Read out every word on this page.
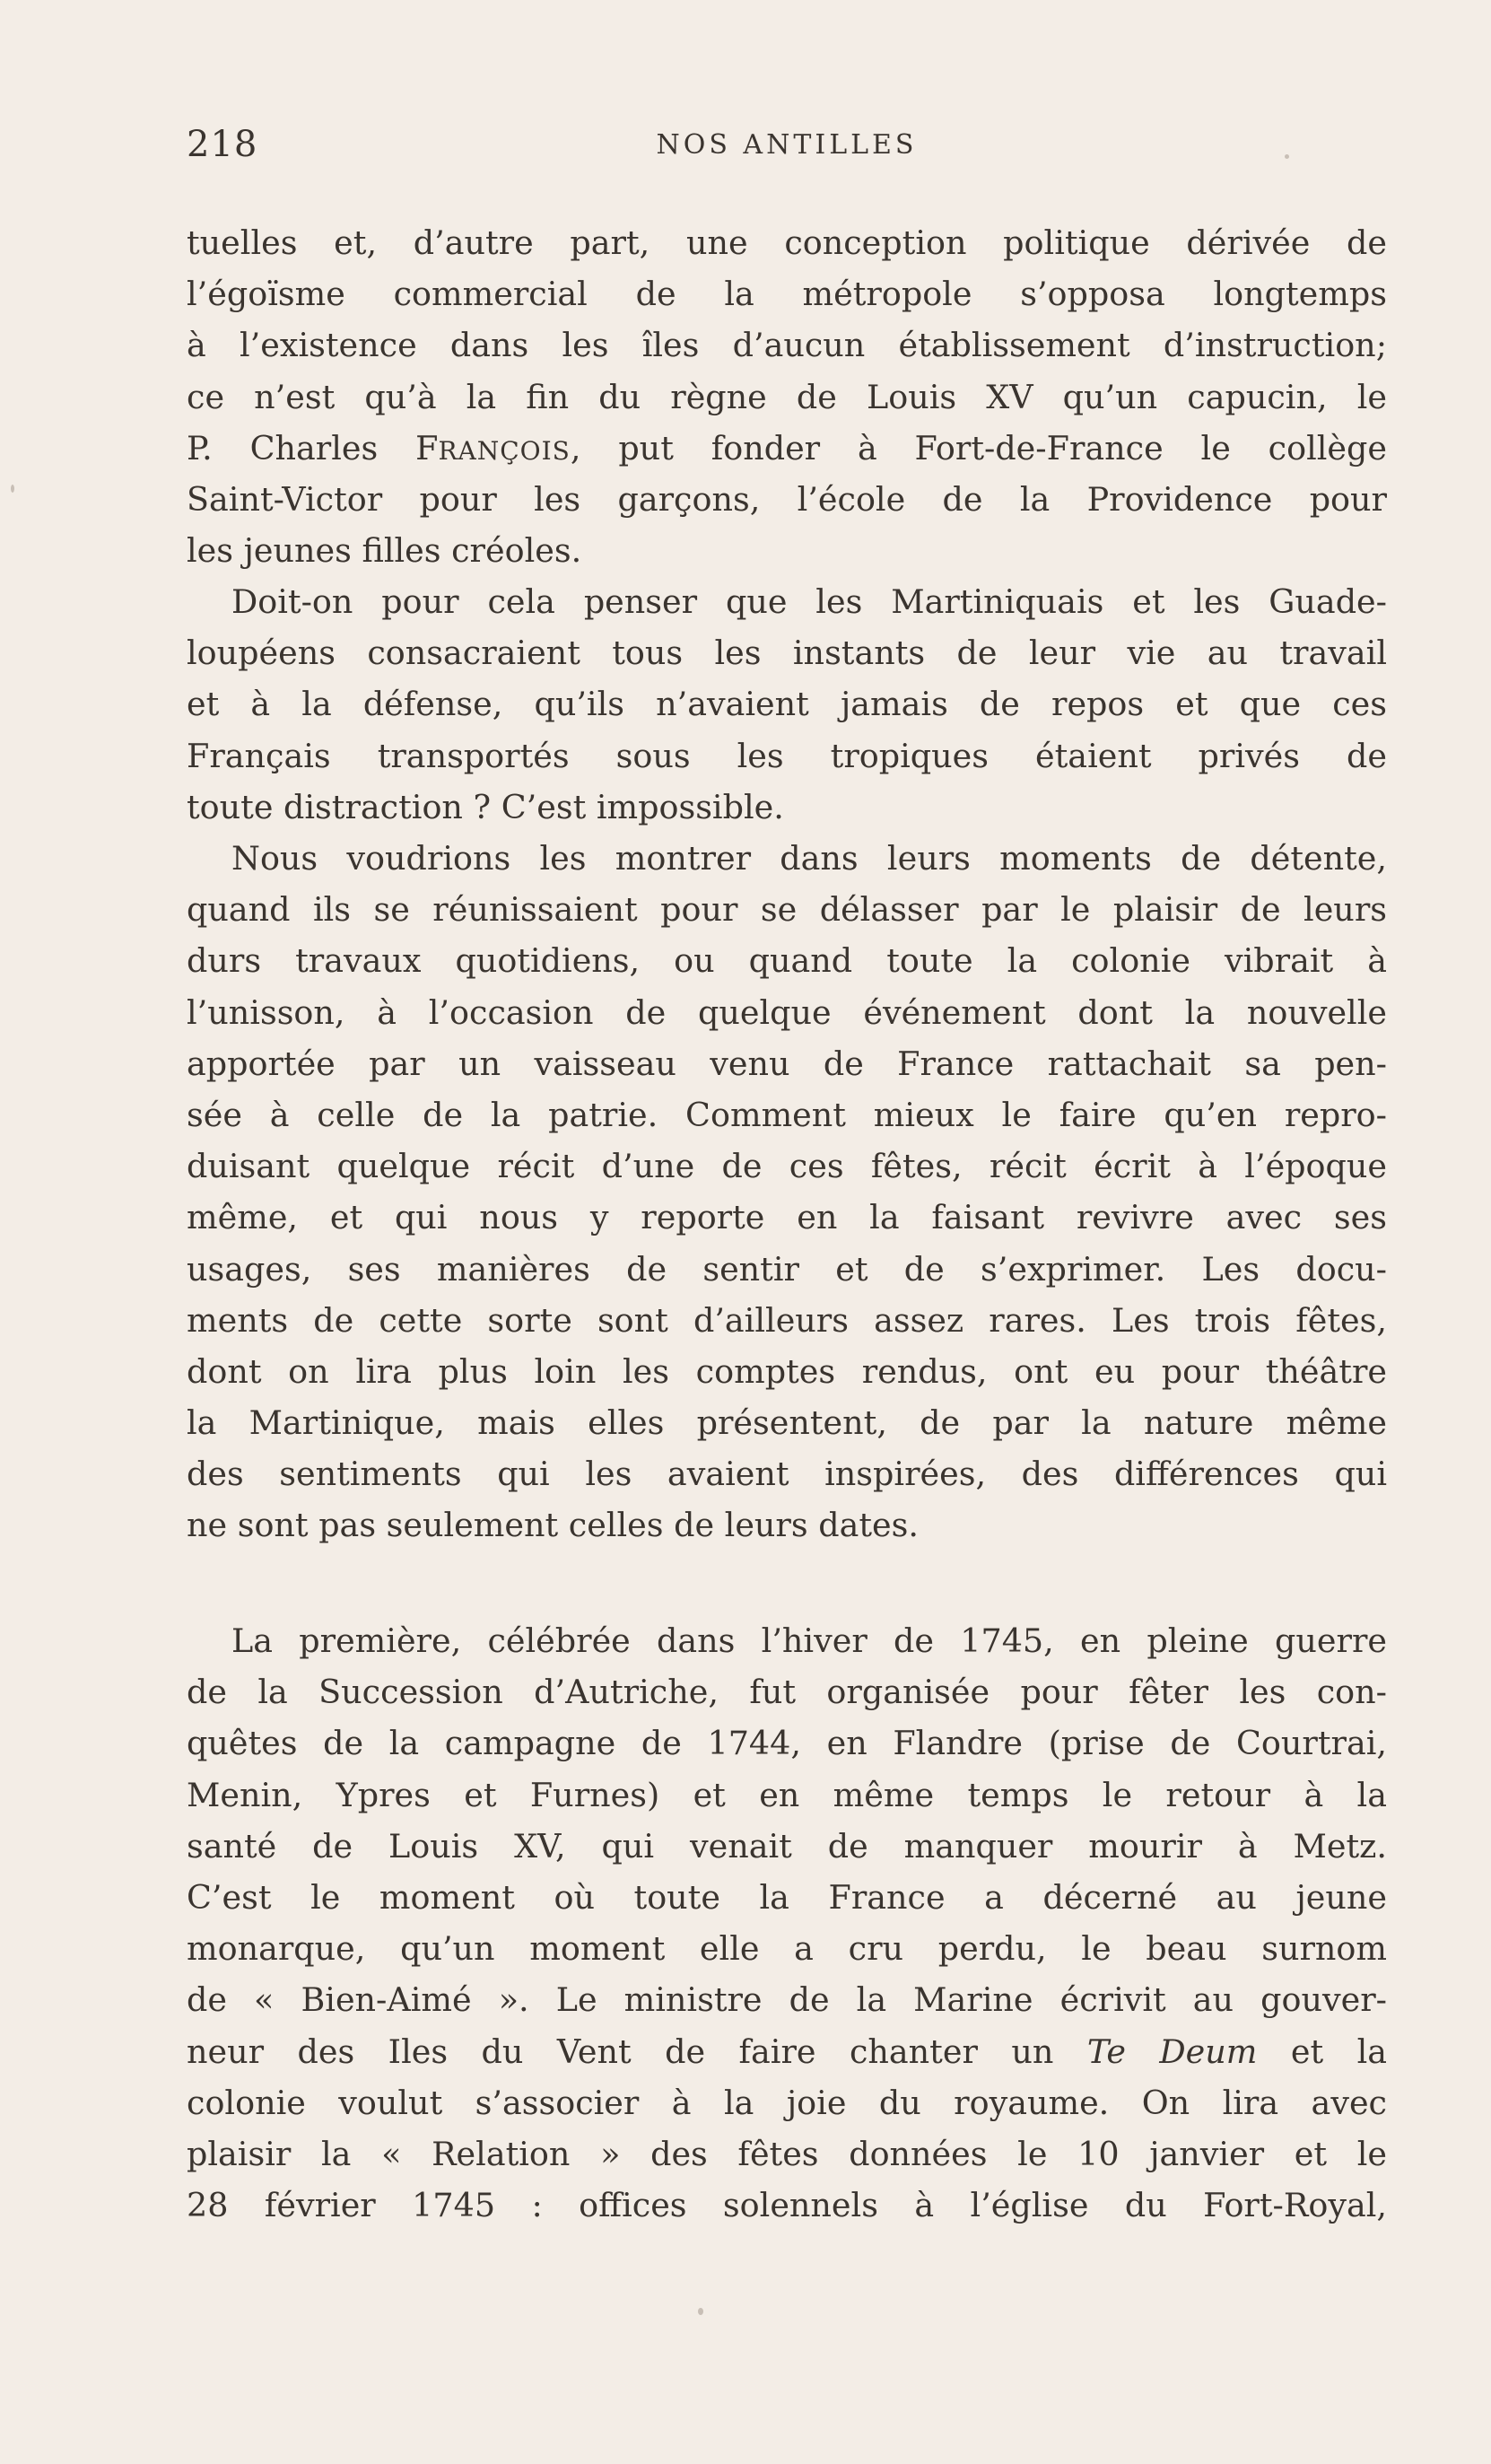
218	NOS ANTILLES
tuelles et, d’autre part, une conception politique dérivée de
l’égoïsme commercial de la métropole s’opposa longtemps
à l’existence dans les îles d’aucun établissement d’instruction;
ce n’est qu’à la fin du règne de Louis XV qu’un capucin, le
P. Charles FRANÇOIS, put fonder à Fort-de-France le collège
Saint-Victor pour les garçons, l’école de la Providence pour
les jeunes filles créoles.
Doit-on pour cela penser que les Martiniquais et les Guade-
loupéens consacraient tous les instants de leur vie au travail
et à la défense, qu’ils n’avaient jamais de repos et que ces
Français transportés sous les tropiques étaient privés de
toute distraction ? C’est impossible.
Nous voudrions les montrer dans leurs moments de détente,
quand ils se réunissaient pour se délasser par le plaisir de leurs
durs travaux quotidiens, ou quand toute la colonie vibrait à
l’unisson, à l’occasion de quelque événement dont la nouvelle
apportée par un vaisseau venu de France rattachait sa pen-
sée à celle de la patrie. Comment mieux le faire qu’en repro-
duisant quelque récit d’une de ces fêtes, récit écrit à l’époque
même, et qui nous y reporte en la faisant revivre avec ses
usages, ses manières de sentir et de s’exprimer. Les docu-
ments de cette sorte sont d’ailleurs assez rares. Les trois fêtes,
dont on lira plus loin les comptes rendus, ont eu pour théâtre
la Martinique, mais elles présentent, de par la nature même
des sentiments qui les avaient inspirées, des différences qui
ne sont pas seulement celles de leurs dates.
La première, célébrée dans l’hiver de 1745, en pleine guerre
de la Succession d’Autriche, fut organisée pour fêter les con-
quêtes de la campagne de 1744, en Flandre (prise de Courtrai,
Menin, Ypres et Furnes) et en même temps le retour à la
santé de Louis XV, qui venait de manquer mourir à Metz.
C’est le moment où toute la France a décerné au jeune
monarque, qu’un moment elle a cru perdu, le beau surnom
de « Bien-Aimé ». Le ministre de la Marine écrivit au gouver-
neur des Iles du Vent de faire chanter un Te Deum et la
colonie voulut s’associer à la joie du royaume. On lira avec
plaisir la « Relation » des fêtes données le 10 janvier et le
28 février 1745 : offices solennels à l’église du Fort-Royal,
